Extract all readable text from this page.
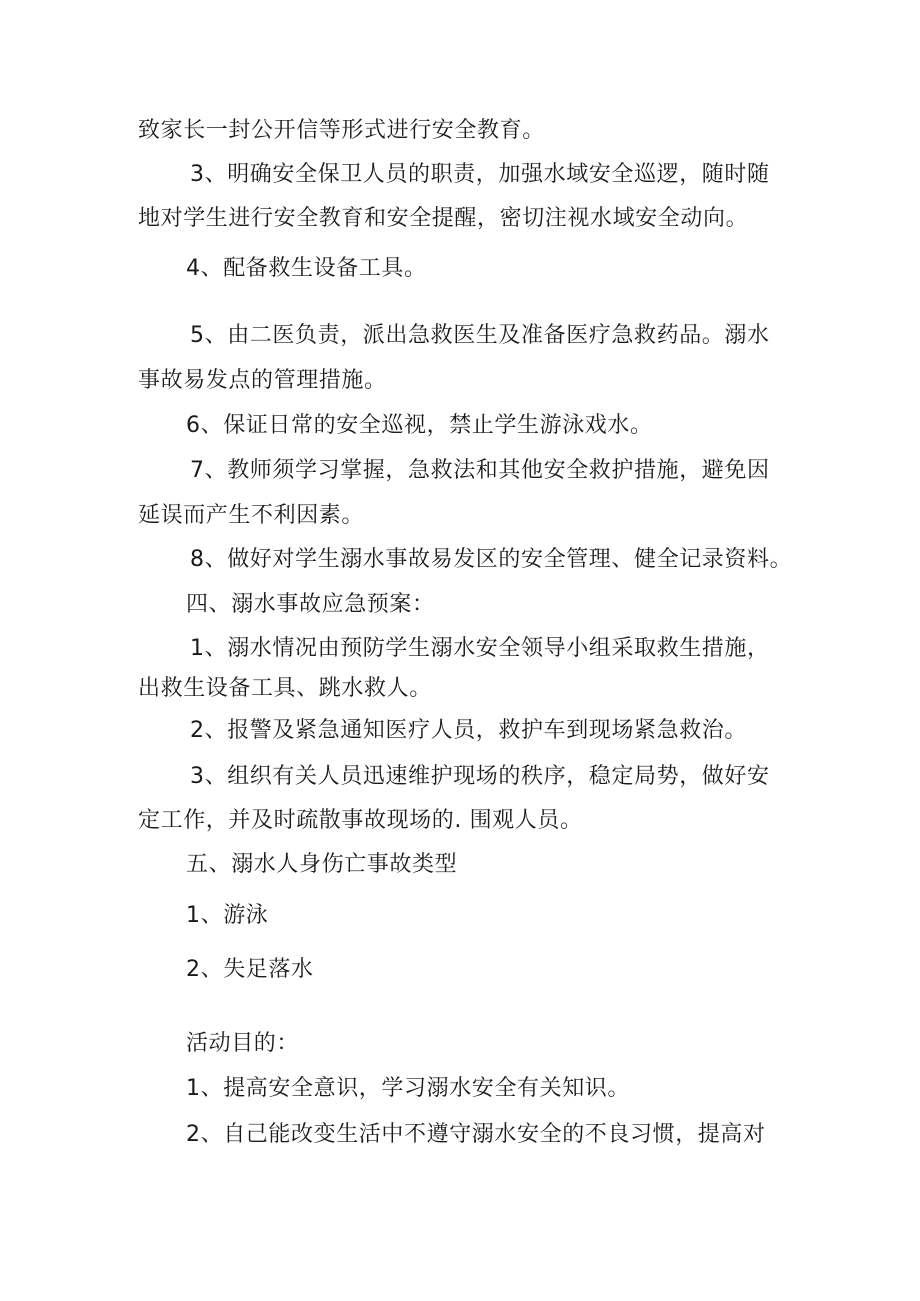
致家长一封公开信等形式进行安全教育。
3、明确安全保卫人员的职责，加强水域安全巡逻，随时随
地对学生进行安全教育和安全提醒，密切注视水域安全动向。
4、配备救生设备工具。
5、由二医负责，派出急救医生及准备医疗急救药品。溺水
事故易发点的管理措施。
6、保证日常的安全巡视，禁止学生游泳戏水。
7、教师须学习掌握，急救法和其他安全救护措施，避免因
延误而产生不利因素。
8、做好对学生溺水事故易发区的安全管理、健全记录资料。
四、溺水事故应急预案：
1、溺水情况由预防学生溺水安全领导小组采取救生措施，
出救生设备工具、跳水救人。
2、报警及紧急通知医疗人员，救护车到现场紧急救治。
3、组织有关人员迅速维护现场的秩序，稳定局势，做好安
定工作，并及时疏散事故现场的. 围观人员。
五、溺水人身伤亡事故类型
1、游泳
2、失足落水
活动目的：
1、提高安全意识，学习溺水安全有关知识。
2、自己能改变生活中不遵守溺水安全的不良习惯，提高对
